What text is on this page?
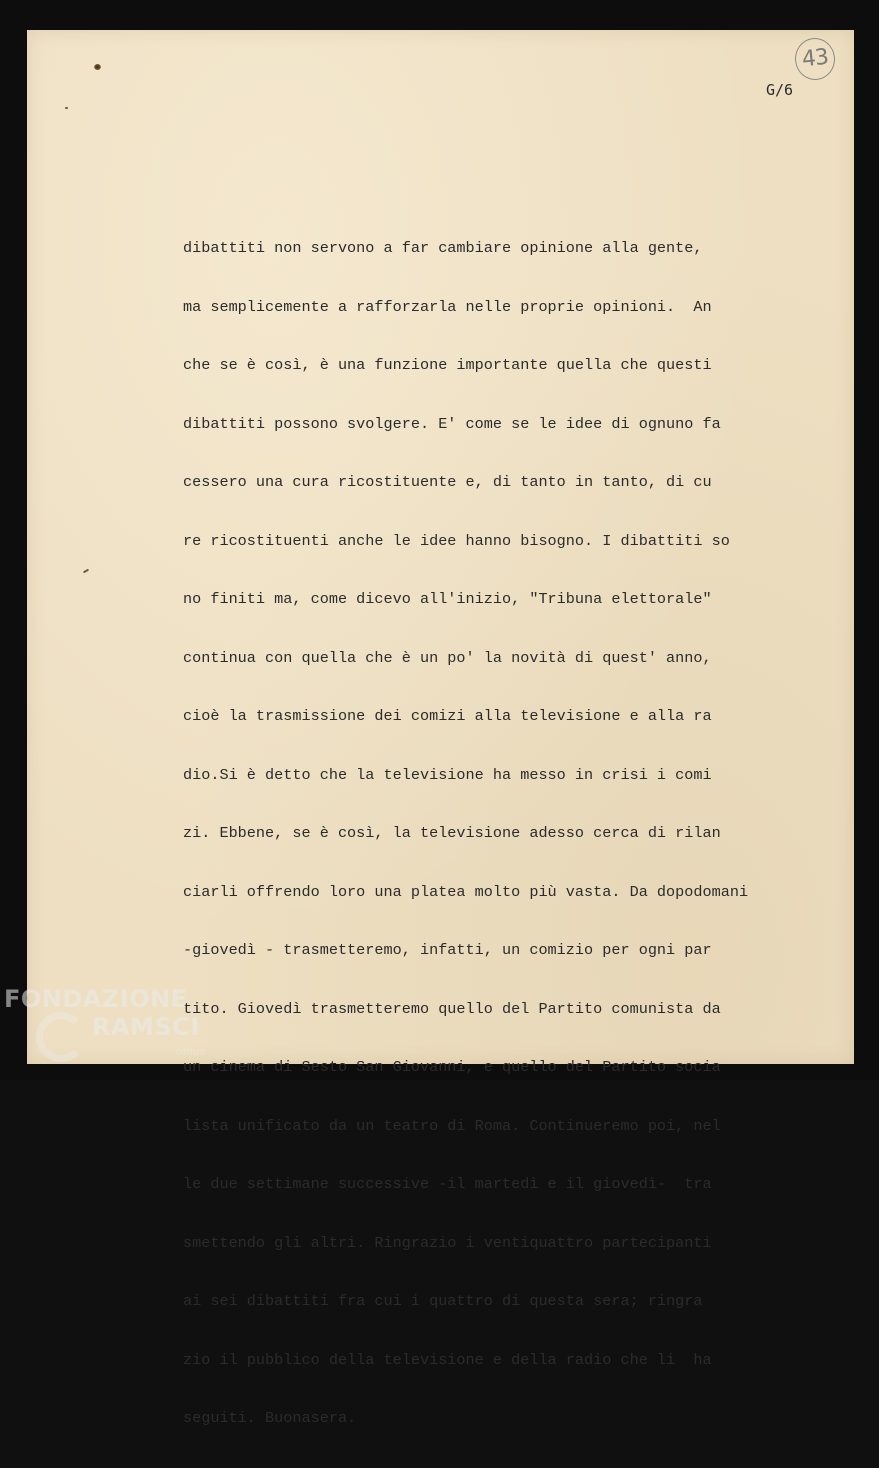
43
G/6

dibattiti non servono a far cambiare opinione alla gente,

ma semplicemente a rafforzarla nelle proprie opinioni.  An

che se è così, è una funzione importante quella che questi

dibattiti possono svolgere. E' come se le idee di ognuno fa

cessero una cura ricostituente e, di tanto in tanto, di cu

re ricostituenti anche le idee hanno bisogno. I dibattiti so

no finiti ma, come dicevo all'inizio, "Tribuna elettorale"

continua con quella che è un po' la novità di quest' anno,

cioè la trasmissione dei comizi alla televisione e alla ra

dio.Si è detto che la televisione ha messo in crisi i comi

zi. Ebbene, se è così, la televisione adesso cerca di rilan

ciarli offrendo loro una platea molto più vasta. Da dopodomani

-giovedì - trasmetteremo, infatti, un comizio per ogni par

tito. Giovedì trasmetteremo quello del Partito comunista da

un cinema di Sesto San Giovanni, e quello del Partito socia

lista unificato da un teatro di Roma. Continueremo poi, nel

le due settimane successive -il martedì e il giovedì-  tra

smettendo gli altri. Ringrazio i ventiquattro partecipanti

ai sei dibattiti fra cui i quattro di questa sera; ringra

zio il pubblico della televisione e della radio che li  ha

seguiti. Buonasera.

FONDAZIONE
RAMSCI
onlus
